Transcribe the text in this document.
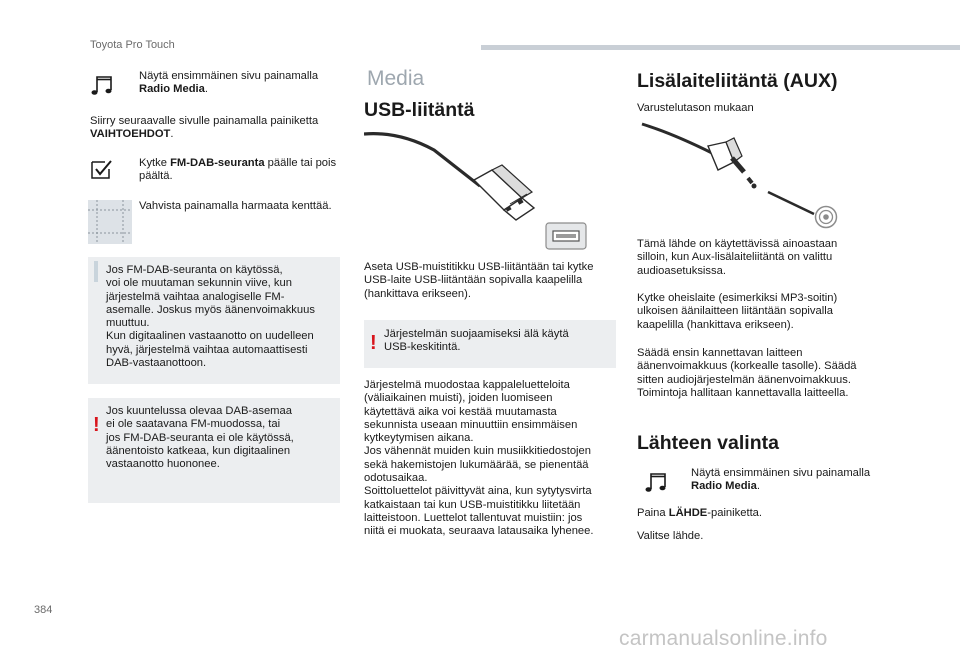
Toyota Pro Touch
Näytä ensimmäinen sivu painamalla
Radio Media.
Siirry seuraavalle sivulle painamalla painiketta
VAIHTOEHDOT.
Kytke FM-DAB-seuranta päälle tai pois päältä.
Vahvista painamalla harmaata kenttää.
Jos FM-DAB-seuranta on käytössä,
voi ole muutaman sekunnin viive, kun
järjestelmä vaihtaa analogiselle FM-
asemalle. Joskus myös äänenvoimakkuus
muuttuu.
Kun digitaalinen vastaanotto on uudelleen
hyvä, järjestelmä vaihtaa automaattisesti
DAB-vastaanottoon.
!
Jos kuuntelussa olevaa DAB-asemaa
ei ole saatavana FM-muodossa, tai
jos FM-DAB-seuranta ei ole käytössä,
äänentoisto katkeaa, kun digitaalinen
vastaanotto huononee.
Media
USB-liitäntä
Aseta USB-muistitikku USB-liitäntään tai kytke
USB-laite USB-liitäntään sopivalla kaapelilla
(hankittava erikseen).
! Järjestelmän suojaamiseksi älä käytä
USB-keskitintä.
Järjestelmä muodostaa kappaleluetteloita
(väliaikainen muisti), joiden luomiseen
käytettävä aika voi kestää muutamasta
sekunnista useaan minuuttiin ensimmäisen
kytkeytymisen aikana.
Jos vähennät muiden kuin musiikkitiedostojen
sekä hakemistojen lukumäärää, se pienentää
odotusaikaa.
Soittoluettelot päivittyvät aina, kun sytytysvirta
katkaistaan tai kun USB-muistitikku liitetään
laitteistoon. Luettelot tallentuvat muistiin: jos
niitä ei muokata, seuraava latausaika lyhenee.
Lisälaiteliitäntä (AUX)
Varustelutason mukaan
Tämä lähde on käytettävissä ainoastaan
silloin, kun Aux-lisälaiteliitäntä on valittu
audioasetuksissa.
Kytke oheislaite (esimerkiksi MP3-soitin)
ulkoisen äänilaitteen liitäntään sopivalla
kaapelilla (hankittava erikseen).
Säädä ensin kannettavan laitteen
äänenvoimakkuus (korkealle tasolle). Säädä
sitten audiojärjestelmän äänenvoimakkuus.
Toimintoja hallitaan kannettavalla laitteella.
Lähteen valinta
Näytä ensimmäinen sivu painamalla
Radio Media.
Paina LÄHDE-painiketta.
Valitse lähde.
384
carmanualsonline.info
